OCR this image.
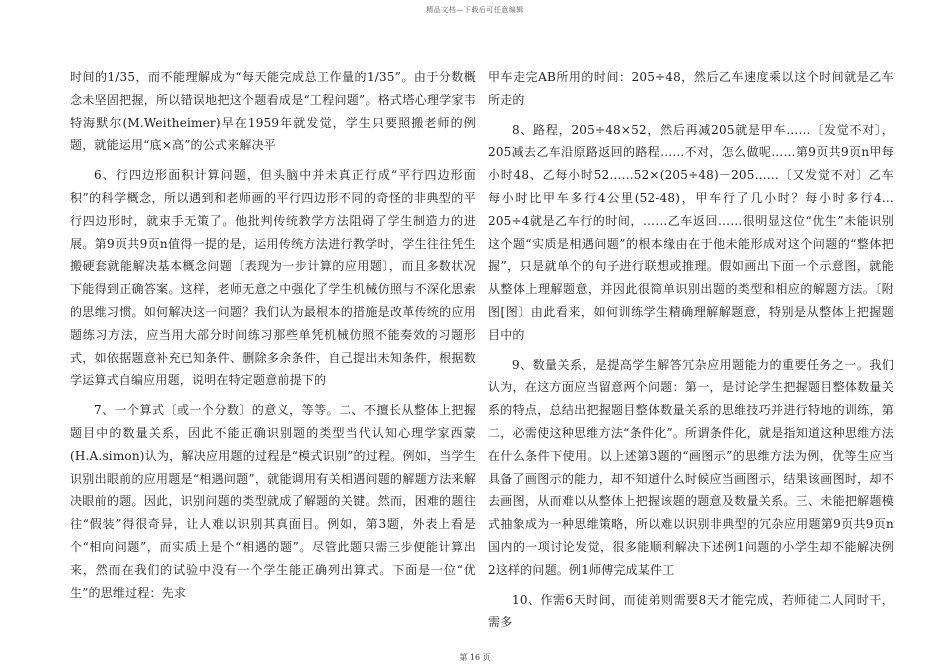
精品文档—下载后可任意编辑

时间的1/35，而不能理解成为“每天能完成总工作量的1/35”。由于分数概念未坚固把握，所以错误地把这个题看成是“工程问题”。格式塔心理学家韦特海默尔(M.Weitheimer)早在1959年就发觉，学生只要照搬老师的例题，就能运用“底×高”的公式来解决平

6、行四边形面积计算问题，但头脑中并未真正行成“平行四边形面积”的科学概念，所以遇到和老师画的平行四边形不同的奇怪的非典型的平行四边形时，就束手无策了。他批判传统教学方法阻碍了学生制造力的进展。第9页共9页n值得一提的是，运用传统方法进行教学时，学生往往凭生搬硬套就能解决基本概念问题〔表现为一步计算的应用题〕，而且多数状况下能得到正确答案。这样，老师无意之中强化了学生机械仿照与不深化思索的思维习惯。如何解决这一问题？我们认为最根本的措施是改革传统的应用题练习方法，应当用大部分时间练习那些单凭机械仿照不能奏效的习题形式，如依据题意补充已知条件、删除多余条件，自己提出未知条件，根据数学运算式自编应用题，说明在特定题意前提下的

7、一个算式〔或一个分数〕的意义，等等。二、不擅长从整体上把握题目中的数量关系，因此不能正确识别题的类型当代认知心理学家西蒙(H.A.simon)认为，解决应用题的过程是“模式识别”的过程。例如，当学生识别出眼前的应用题是“相遇问题”，就能调用有关相遇问题的解题方法来解决眼前的题。因此，识别问题的类型就成了解题的关键。然而，困难的题往往“假装”得很奇异，让人难以识别其真面目。例如，第3题，外表上看是个“相向问题”，而实质上是个“相遇的题”。尽管此题只需三步便能计算出来，然而在我们的试验中没有一个学生能正确列出算式。下面是一位“优生”的思维过程：先求

甲车走完AB所用的时间：205÷48，然后乙车速度乘以这个时间就是乙车所走的

8、路程，205÷48×52，然后再减205就是甲车……〔发觉不对〕，205减去乙车沿原路返回的路程……不对，怎么做呢……第9页共9页n甲每小时48、乙每小时52……52×(205÷48)－205……〔又发觉不对〕乙车每小时比甲车多行4公里(52-48)，甲车行了几小时？每小时多行4…205÷4就是乙车行的时间，……乙车返回……很明显这位“优生”未能识别这个题“实质是相遇问题”的根本缘由在于他未能形成对这个问题的“整体把握”，只是就单个的句子进行联想或推理。假如画出下面一个示意图，就能从整体上理解题意，并因此很简单识别出题的类型和相应的解题方法。〔附图[图〕由此看来，如何训练学生精确理解解题意，特别是从整体上把握题目中的

9、数量关系，是提高学生解答冗杂应用题能力的重要任务之一。我们认为，在这方面应当留意两个问题：第一，是讨论学生把握题目整体数量关系的特点，总结出把握题目整体数量关系的思维技巧并进行特地的训练，第二，必需使这种思维方法“条件化”。所谓条件化，就是指知道这种思维方法在什么条件下使用。以上述第3题的“画图示”的思维方法为例，优等生应当具备了画图示的能力，却不知道什么时候应当画图示，结果该画图时，却不去画图，从而难以从整体上把握该题的题意及数量关系。三、未能把解题模式抽象成为一种思维策略，所以难以识别非典型的冗杂应用题第9页共9页n国内的一项讨论发觉，很多能顺利解决下述例1问题的小学生却不能解决例2这样的问题。例1师傅完成某件工

10、作需6天时间，而徒弟则需要8天才能完成，若师徒二人同时干，需多

第 16 页
